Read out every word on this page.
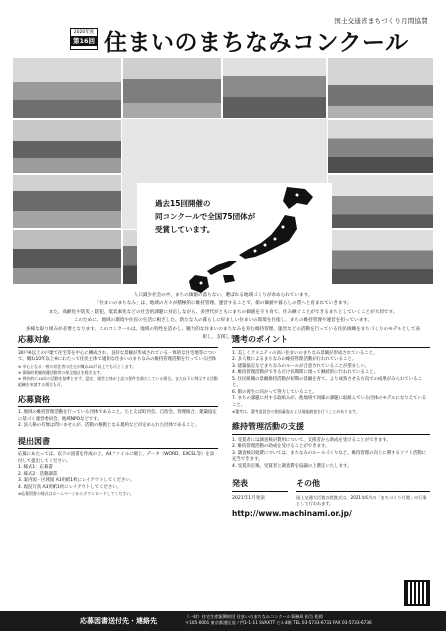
国土交通省まちづくり月間協賛
2020年度
第16回 住まいのまちなみコンクール
過去15回開催の
同コンクールで全国75団体が
受賞しています。
人口減少社会の中、まちの価値の落ちない、選ばれる地域づくりが求められています。
「住まいのまちなみ」は、地域の方々が積極的に維持管理、運営することで、街の価値や暮らしの質へと育まれていきます。
また、高齢化や防災・防犯、低炭素化などの社会的課題に対応しながら、多世代がともにまちの価値を守り育て、住み継ぐことができるまちとしていくことが大切です。
このために、地域の環境や住民の生活に根ざした、新たな人の暮らしに好ましい住まいの環境を目指し、まちの維持管理や運営を担っています。
多様な取り組みが必要となります。このコンクールは、地域の特性を活かし、魅力的な住まいのまちなみを育む維持管理、運営などの活動を行っている住民組織をまちづくりのモデルとして表彰し、支援します。
応募対象
30戸※以上の戸建て住宅等を中心に構成され、良好な景観が形成されている一体的な住宅地等について、概ね10年以上※にわたって住民主体で適切な住まいのまちなみの維持管理活動を行っている団体
※ 中心となる一般の居住者の住宅が概ね20戸以上でも可とします。
※ 街路的景観保護活動等の保全地区を除きます。
※ 例外的に10年の活動を基準とせず、認定、運営主体が上記の要件を満たしている場合。また以下に例示する活動組織を申請する場合も可。
応募資格
1. 地域の維持管理活動を行っている団体であること。たとえば町内会、自治会、管理組合、建築協定に基づく運営委員会、地域NPOなどです。
2. 法人格の有無は問いませんが、活動の根拠となる規約などが定められた団体であること。
提出図書
応募にあたっては、以下の図書を作成の上、A4ファイルに綴じ、データ（WORD、EXCEL等）を添付して提出してください。
1. 様式1：応募書
2. 様式2：活動調書
3. 案内図・区域図 A3用紙1枚にレイアウトしてください。
4. 現況写真 A3用紙1枚にレイアウトしてください。
※応募図書の様式はホームページからダウンロードしてください。
選考のポイント
1. 美しくアメニティの高い住まいのまちなみ景観が形成されていること。
2. 多人数によるまちなみの維持管理活動が行われていること。
3. 建築協定などまちなみのルールが合意されていることが望ましい。
4. 維持管理活動ができるだけ長期間に渡って継続的に行われていること。
5. 住民組織の景観維持活動が初期の景観を育て、より成熟させる方向での成果がみられていること。
6. 街の再生に向かって努力していること。
7. まちの課題に対する取組みが、他地域で同様の課題に取組んでいる団体のモデルになりえていること。
※選考は、選考委員会の書面審査および現地調査を行うことがあります。
維持管理活動の支援
1. 受賞者には調査検討費用について、支援者から助成を受けることができます。
2. 維持管理活動の助成を受けることができます。
3. 調査検討経費については、まちなみのルールづくりなど、維持管理の向上に関するソフト活動に充当できます。
4. 受賞決定後、受賞者と調査費を協議の上選定いたします。
発表
2021年1月発表
その他
国土交通大臣賞の授賞式は、2021年6月の「まちづくり月間」の行事として行われます。
http://www.machinami.or.jp/
応募図書送付先・連絡先
（一財）住宅生産振興財団 住まいのまちなみコンクール事務局 担当 松岡
〒105-0001 東京都港区虎ノ門1-1-11 SVAXTT ビル4階 TEL 03-5733-6733 FAX 03-5733-6736
